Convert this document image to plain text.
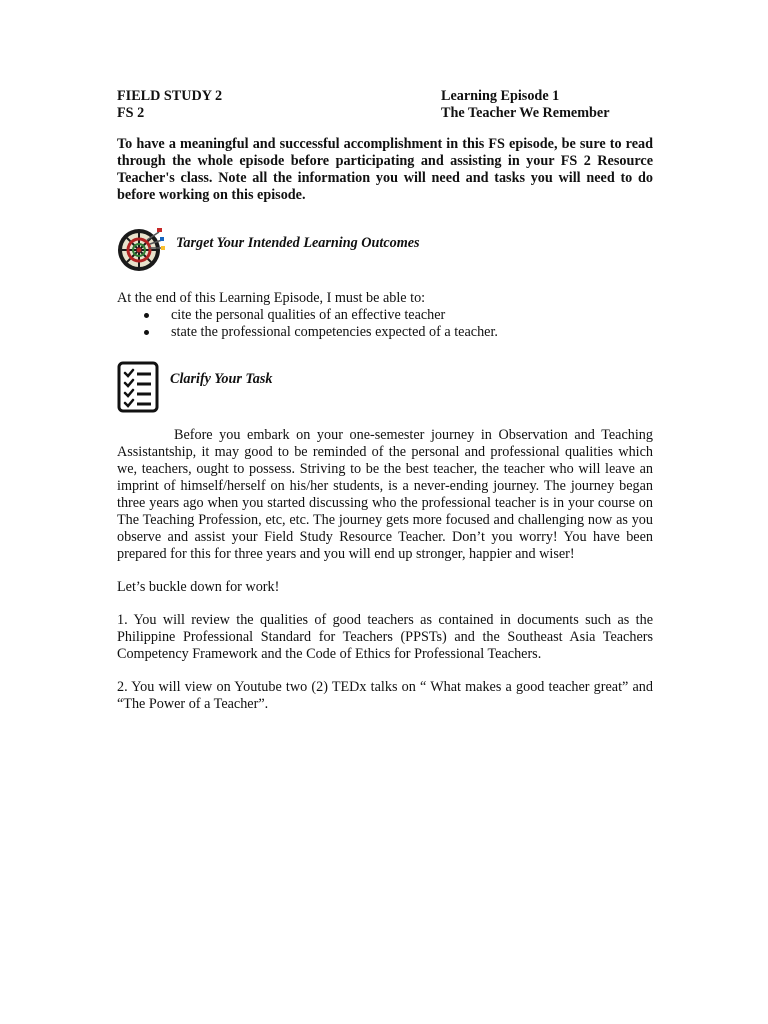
FIELD STUDY 2
FS 2
Learning Episode 1
The Teacher We Remember

To have a meaningful and successful accomplishment in this FS episode, be sure to read through the whole episode before participating and assisting in your FS 2 Resource Teacher's class. Note all the information you will need and tasks you will need to do before working on this episode.

Target Your Intended Learning Outcomes

At the end of this Learning Episode, I must be able to:

cite the personal qualities of an effective teacher
state the professional competencies expected of a teacher.
Clarify Your Task

Before you embark on your one-semester journey in Observation and Teaching Assistantship, it may good to be reminded of the personal and professional qualities which we, teachers, ought to possess. Striving to be the best teacher, the teacher who will leave an imprint of himself/herself on his/her students, is a never-ending journey. The journey began three years ago when you started discussing who the professional teacher is in your course on The Teaching Profession, etc, etc. The journey gets more focused and challenging now as you observe and assist your Field Study Resource Teacher. Don’t you worry! You have been prepared for this for three years and you will end up stronger, happier and wiser!

Let’s buckle down for work!

1. You will review the qualities of good teachers as contained in documents such as the Philippine Professional Standard for Teachers (PPSTs) and the Southeast Asia Teachers Competency Framework and the Code of Ethics for Professional Teachers.

2. You will view on Youtube two (2) TEDx talks on “ What makes a good teacher great” and “The Power of a Teacher”.
